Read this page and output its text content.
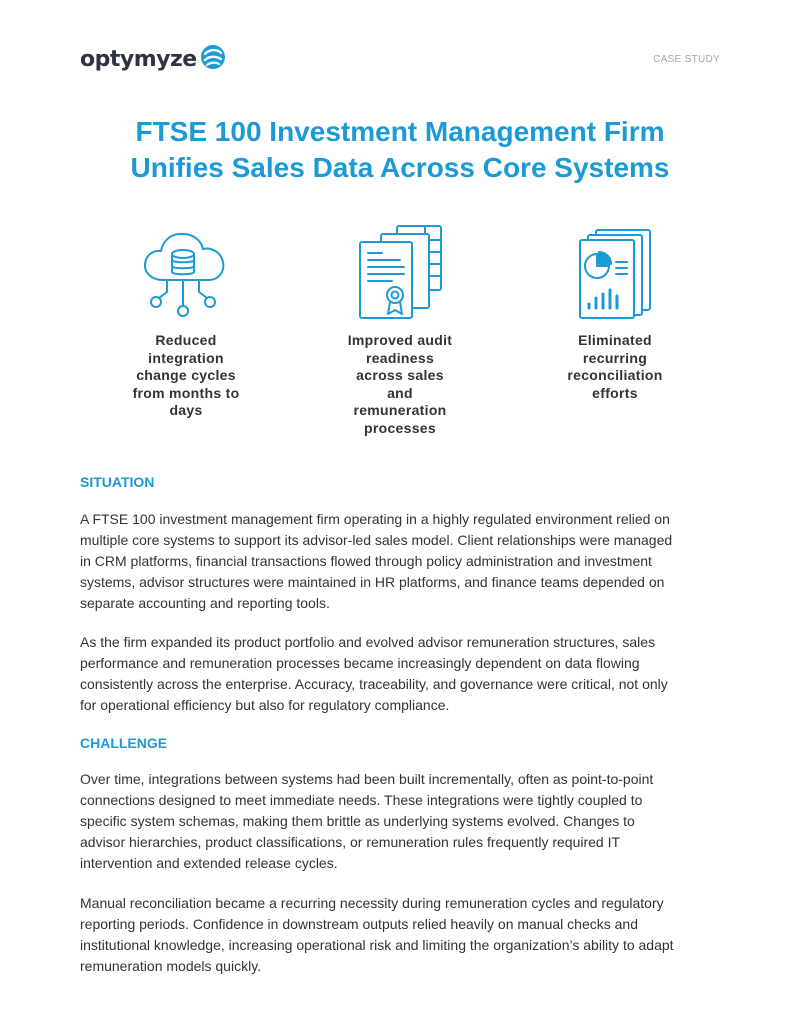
optymyze	CASE STUDY
FTSE 100 Investment Management Firm
Unifies Sales Data Across Core Systems
Reduced integration change cycles from months to days
Improved audit readiness across sales and remuneration processes
Eliminated recurring reconciliation efforts
SITUATION

A FTSE 100 investment management firm operating in a highly regulated environment relied on multiple core systems to support its advisor-led sales model. Client relationships were managed in CRM platforms, financial transactions flowed through policy administration and investment systems, advisor structures were maintained in HR platforms, and finance teams depended on separate accounting and reporting tools.

As the firm expanded its product portfolio and evolved advisor remuneration structures, sales performance and remuneration processes became increasingly dependent on data flowing consistently across the enterprise. Accuracy, traceability, and governance were critical, not only for operational efficiency but also for regulatory compliance.

CHALLENGE

Over time, integrations between systems had been built incrementally, often as point-to-point connections designed to meet immediate needs. These integrations were tightly coupled to specific system schemas, making them brittle as underlying systems evolved. Changes to advisor hierarchies, product classifications, or remuneration rules frequently required IT intervention and extended release cycles.

Manual reconciliation became a recurring necessity during remuneration cycles and regulatory reporting periods. Confidence in downstream outputs relied heavily on manual checks and institutional knowledge, increasing operational risk and limiting the organization’s ability to adapt remuneration models quickly.
